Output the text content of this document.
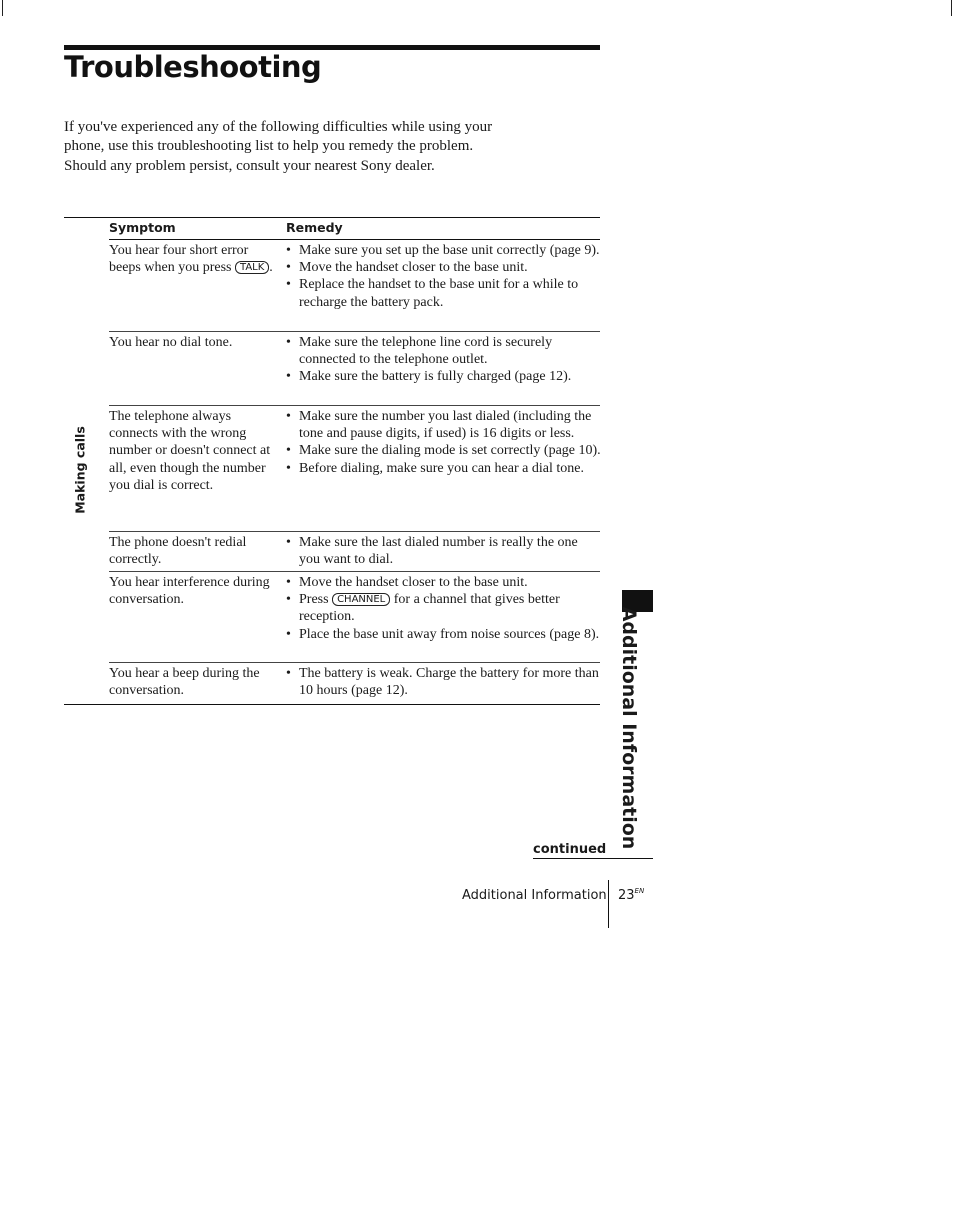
Troubleshooting

If you've experienced any of the following difficulties while using your phone, use this troubleshooting list to help you remedy the problem.

Should any problem persist, consult your nearest Sony dealer.

Symptom	Remedy
You hear four short error beeps when you press TALK .
• Make sure you set up the base unit correctly (page 9).
• Move the handset closer to the base unit.
• Replace the handset to the base unit for a while to recharge the battery pack.
You hear no dial tone.
•	Make sure the telephone line cord is securely connected to the telephone outlet.
• Make sure the battery is fully charged (page 12).
The telephone always connects with the wrong number or doesn't connect at all, even though the number you dial is correct.
• Make sure the number you last dialed (including the tone and pause digits, if used) is 16 digits or less.
• Make sure the dialing mode is set correctly (page 10).
• Before dialing, make sure you can hear a dial tone.
The phone doesn't redial correctly.
• Make sure the last dialed number is really the one you want to dial.
You hear interference during conversation.
• Move the handset closer to the base unit.
• Press CHANNEL for a channel that gives better reception.
• Place the base unit away from noise sources (page 8).
You hear a beep during the conversation.
• The battery is weak. Charge the battery for more than 10 hours (page 12).
Making calls
Additional Information
continued
Additional Information $23^{EN}$
